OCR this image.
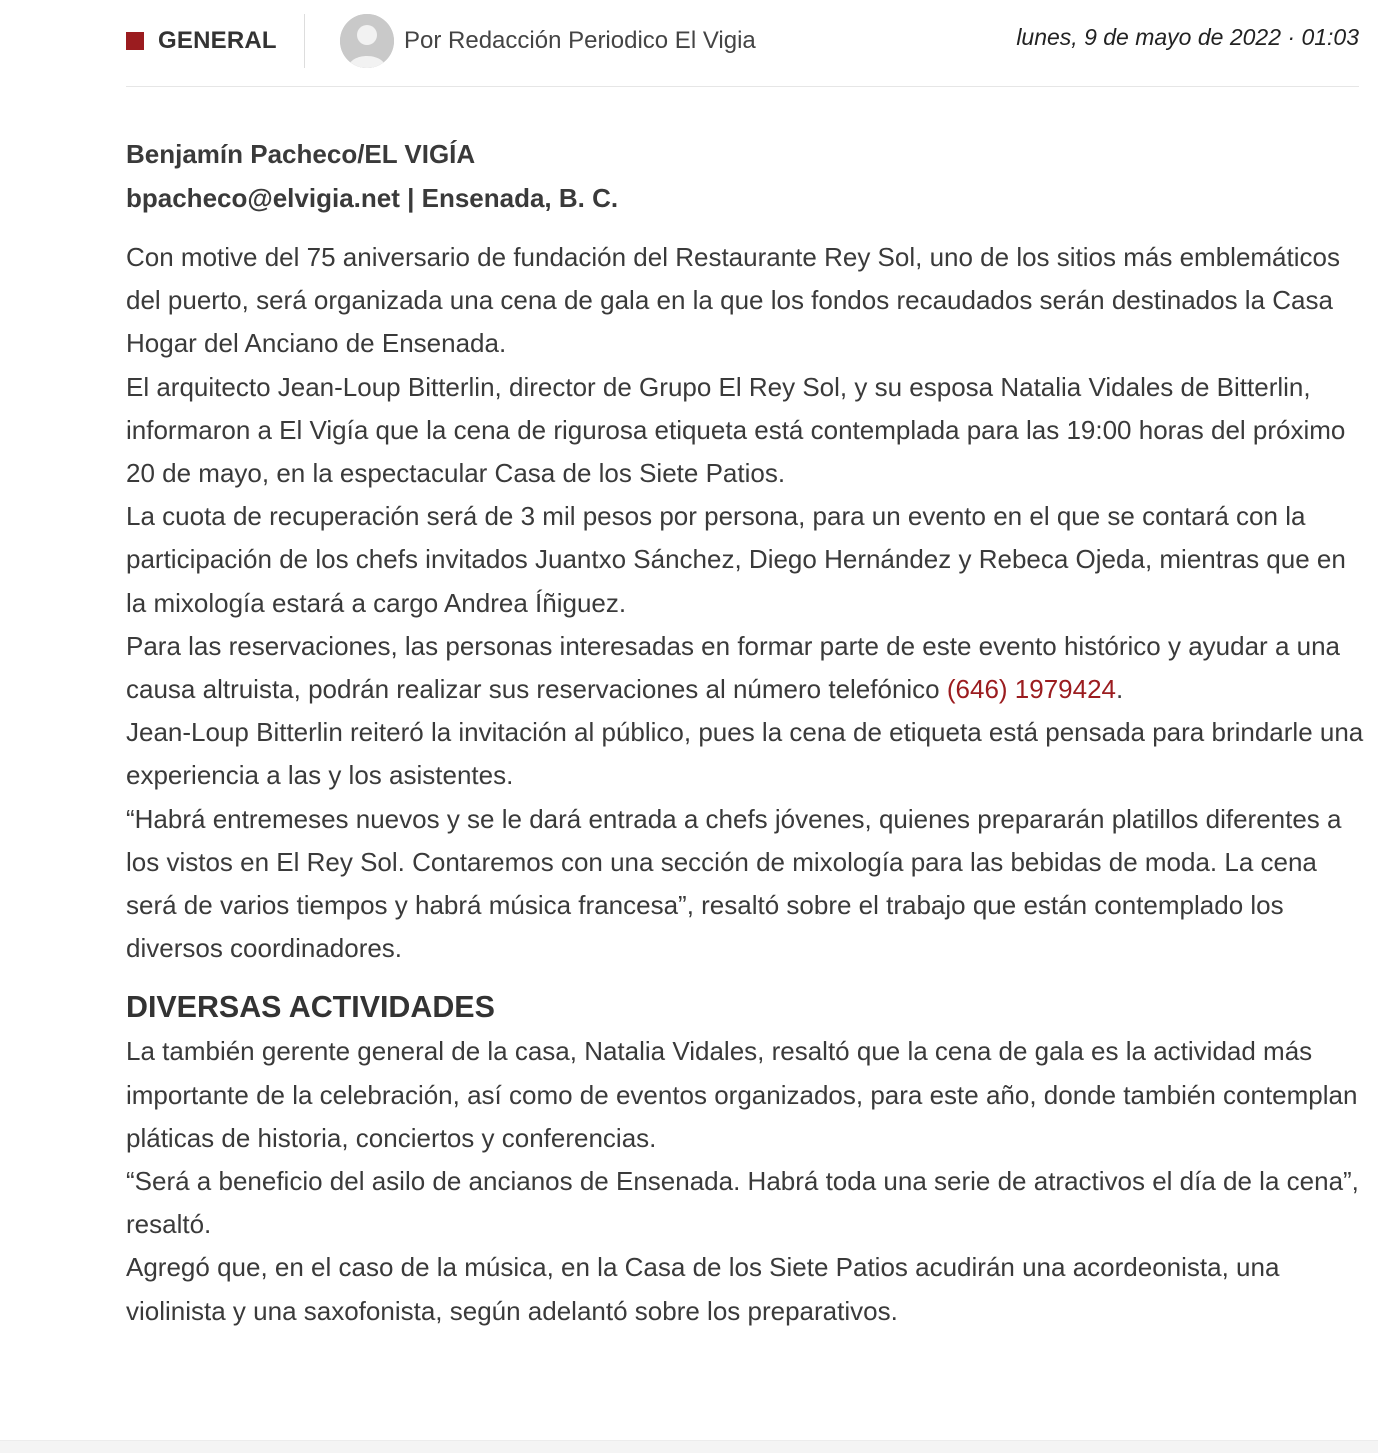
GENERAL	Por Redacción Periodico El Vigia	lunes, 9 de mayo de 2022 · 01:03

Benjamín Pacheco/EL VIGÍA

bpacheco@elvigia.net | Ensenada, B. C.

Con motive del 75 aniversario de fundación del Restaurante Rey Sol, uno de los sitios más emblemáticos del puerto, será organizada una cena de gala en la que los fondos recaudados serán destinados la Casa Hogar del Anciano de Ensenada.

El arquitecto Jean-Loup Bitterlin, director de Grupo El Rey Sol, y su esposa Natalia Vidales de Bitterlin, informaron a El Vigía que la cena de rigurosa etiqueta está contemplada para las 19:00 horas del próximo 20 de mayo, en la espectacular Casa de los Siete Patios.

La cuota de recuperación será de 3 mil pesos por persona, para un evento en el que se contará con la participación de los chefs invitados Juantxo Sánchez, Diego Hernández y Rebeca Ojeda, mientras que en la mixología estará a cargo Andrea Íñiguez.

Para las reservaciones, las personas interesadas en formar parte de este evento histórico y ayudar a una causa altruista, podrán realizar sus reservaciones al número telefónico (646) 1979424.

Jean-Loup Bitterlin reiteró la invitación al público, pues la cena de etiqueta está pensada para brindarle una experiencia a las y los asistentes.

“Habrá entremeses nuevos y se le dará entrada a chefs jóvenes, quienes prepararán platillos diferentes a los vistos en El Rey Sol. Contaremos con una sección de mixología para las bebidas de moda. La cena será de varios tiempos y habrá música francesa”, resaltó sobre el trabajo que están contemplado los diversos coordinadores.

DIVERSAS ACTIVIDADES

La también gerente general de la casa, Natalia Vidales, resaltó que la cena de gala es la actividad más importante de la celebración, así como de eventos organizados, para este año, donde también contemplan pláticas de historia, conciertos y conferencias.

“Será a beneficio del asilo de ancianos de Ensenada. Habrá toda una serie de atractivos el día de la cena”, resaltó.

Agregó que, en el caso de la música, en la Casa de los Siete Patios acudirán una acordeonista, una violinista y una saxofonista, según adelantó sobre los preparativos.
